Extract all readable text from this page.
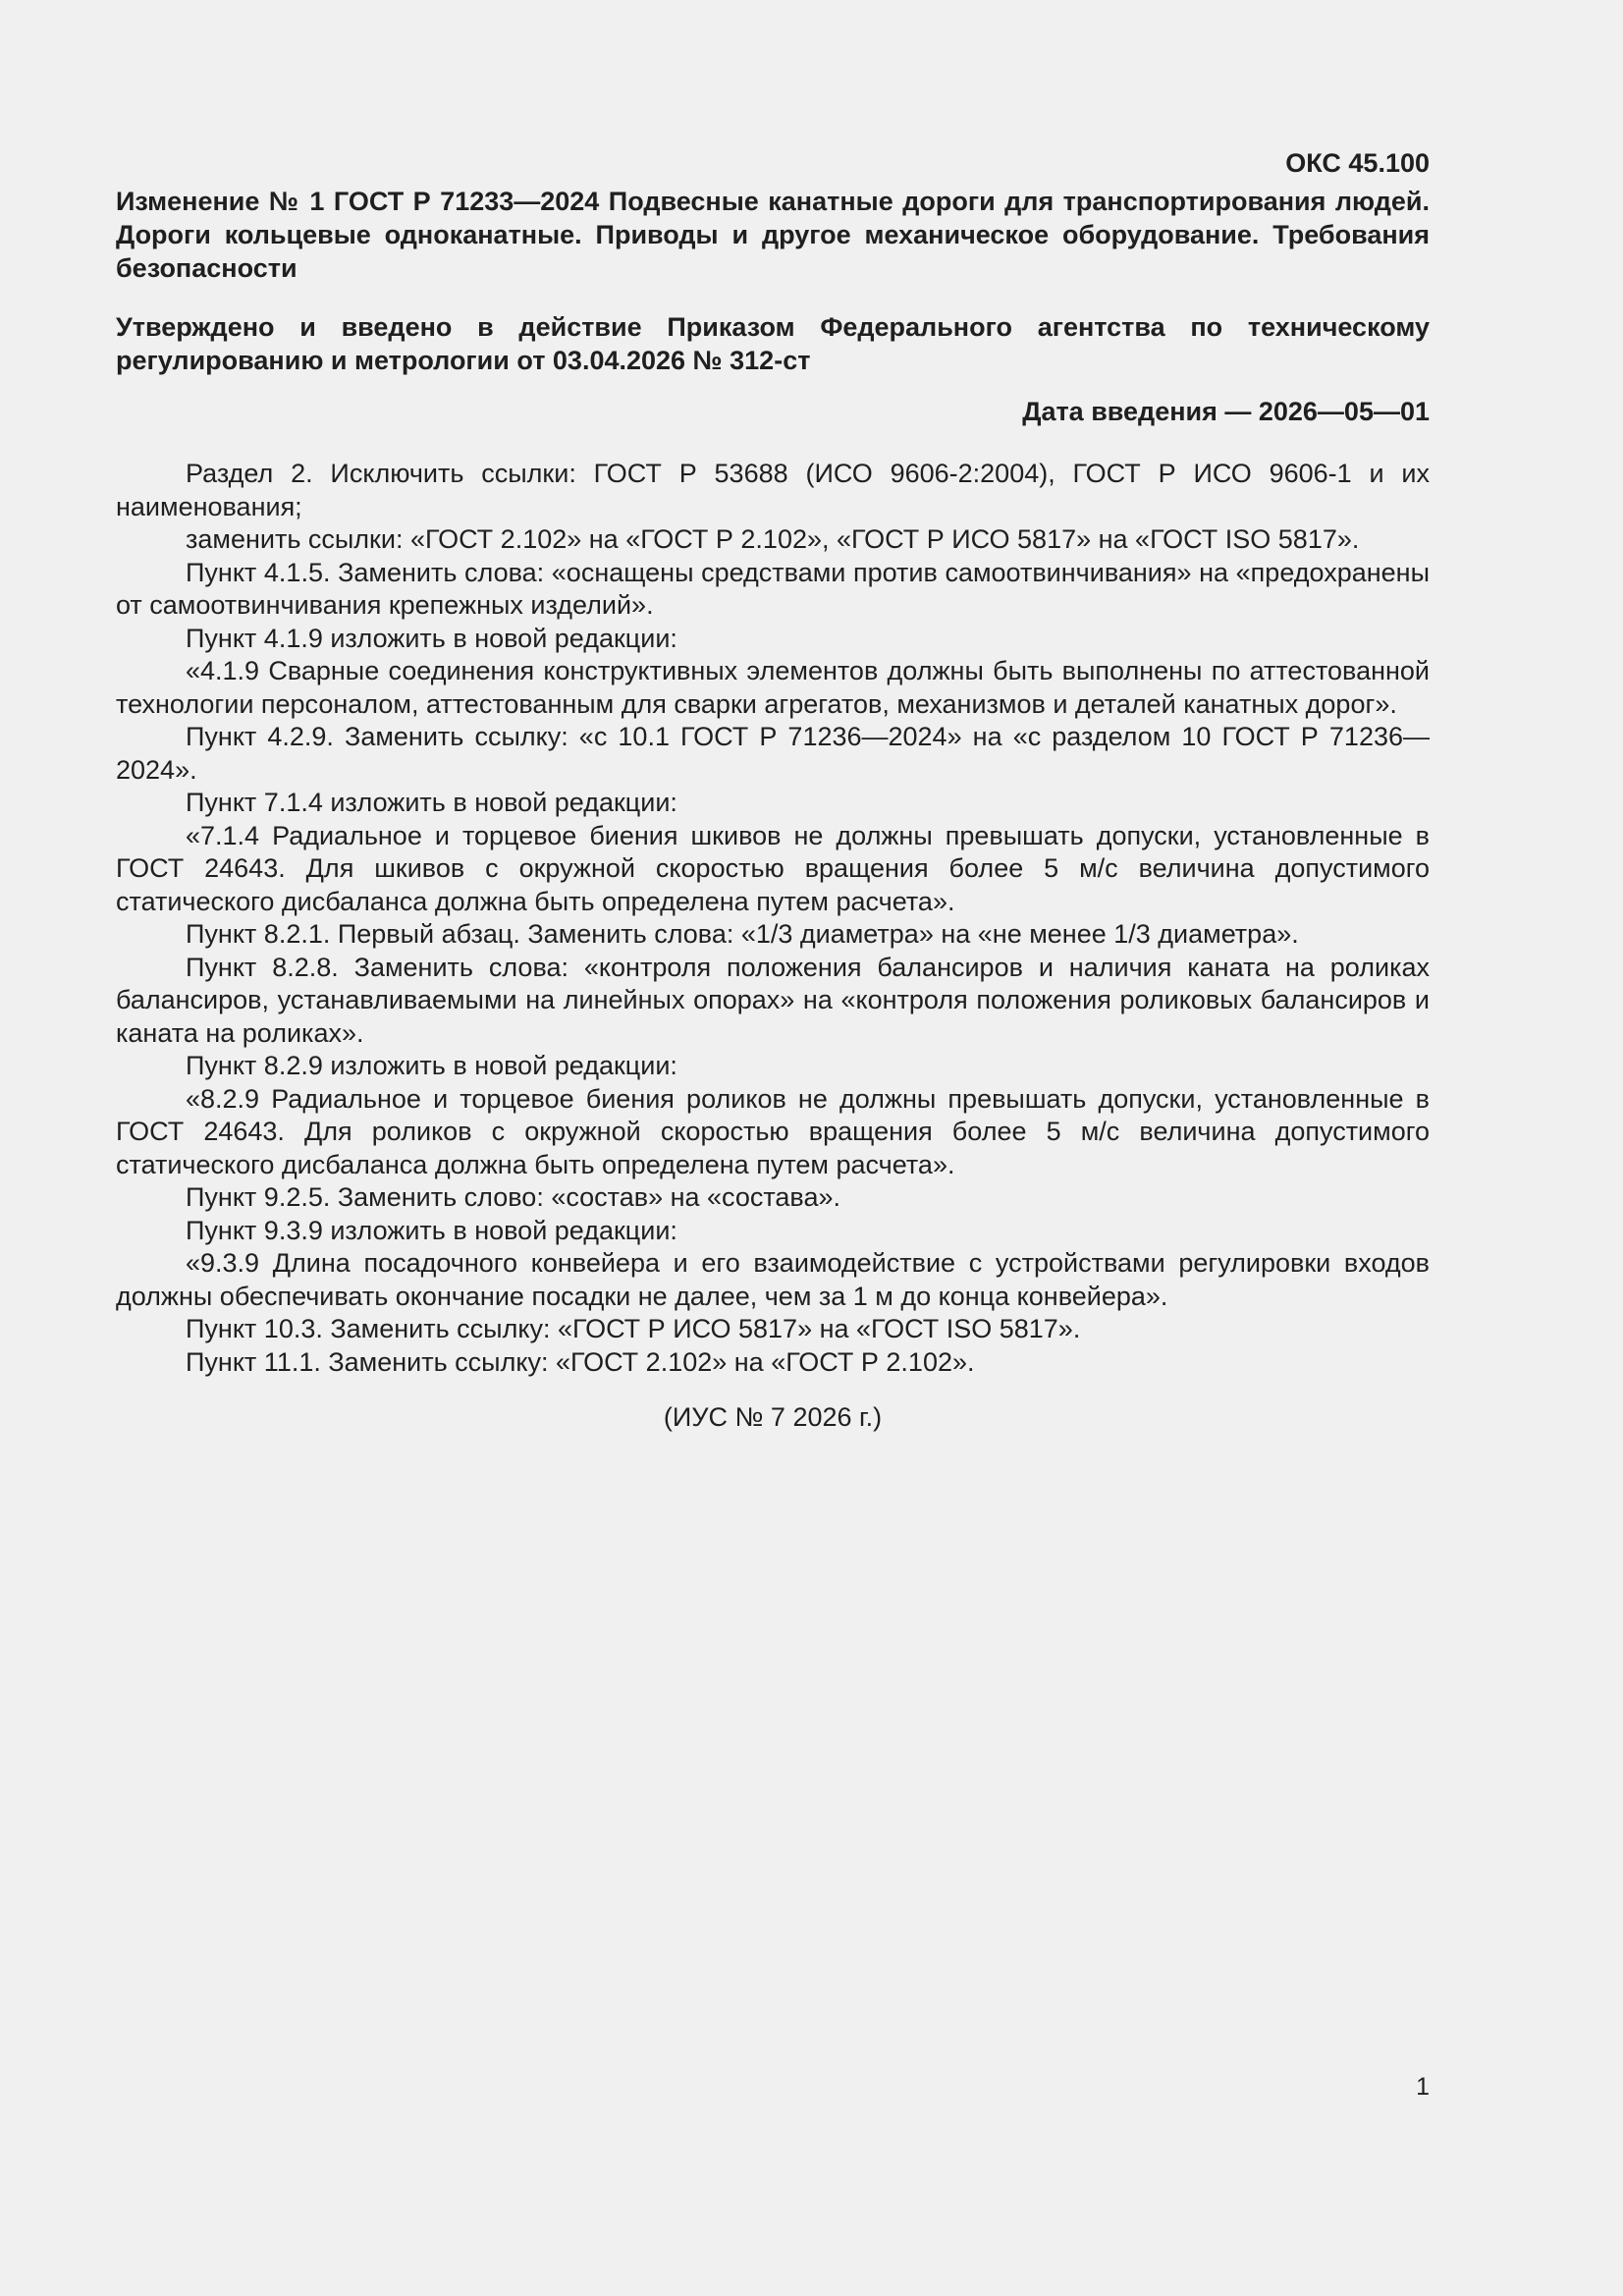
ОКС 45.100

Изменение № 1 ГОСТ Р 71233—2024 Подвесные канатные дороги для транспортирования людей. Дороги кольцевые одноканатные. Приводы и другое механическое оборудование. Требования безопасности

Утверждено и введено в действие Приказом Федерального агентства по техническому регулированию и метрологии от 03.04.2026 № 312-ст

Дата введения — 2026—05—01

Раздел 2. Исключить ссылки: ГОСТ Р 53688 (ИСО 9606-2:2004), ГОСТ Р ИСО 9606-1 и их наименования;

заменить ссылки: «ГОСТ 2.102» на «ГОСТ Р 2.102», «ГОСТ Р ИСО 5817» на «ГОСТ ISO 5817».

Пункт 4.1.5. Заменить слова: «оснащены средствами против самоотвинчивания» на «предохранены от самоотвинчивания крепежных изделий».

Пункт 4.1.9 изложить в новой редакции:

«4.1.9 Сварные соединения конструктивных элементов должны быть выполнены по аттестованной технологии персоналом, аттестованным для сварки агрегатов, механизмов и деталей канатных дорог».

Пункт 4.2.9. Заменить ссылку: «с 10.1 ГОСТ Р 71236—2024» на «с разделом 10 ГОСТ Р 71236—2024».

Пункт 7.1.4 изложить в новой редакции:

«7.1.4 Радиальное и торцевое биения шкивов не должны превышать допуски, установленные в ГОСТ 24643. Для шкивов с окружной скоростью вращения более 5 м/с величина допустимого статического дисбаланса должна быть определена путем расчета».

Пункт 8.2.1. Первый абзац. Заменить слова: «1/3 диаметра» на «не менее 1/3 диаметра».

Пункт 8.2.8. Заменить слова: «контроля положения балансиров и наличия каната на роликах балансиров, устанавливаемыми на линейных опорах» на «контроля положения роликовых балансиров и каната на роликах».

Пункт 8.2.9 изложить в новой редакции:

«8.2.9 Радиальное и торцевое биения роликов не должны превышать допуски, установленные в ГОСТ 24643. Для роликов с окружной скоростью вращения более 5 м/с величина допустимого статического дисбаланса должна быть определена путем расчета».

Пункт 9.2.5. Заменить слово: «состав» на «состава».

Пункт 9.3.9 изложить в новой редакции:

«9.3.9 Длина посадочного конвейера и его взаимодействие с устройствами регулировки входов должны обеспечивать окончание посадки не далее, чем за 1 м до конца конвейера».

Пункт 10.3. Заменить ссылку: «ГОСТ Р ИСО 5817» на «ГОСТ ISO 5817».

Пункт 11.1. Заменить ссылку: «ГОСТ 2.102» на «ГОСТ Р 2.102».

(ИУС № 7 2026 г.)

1
